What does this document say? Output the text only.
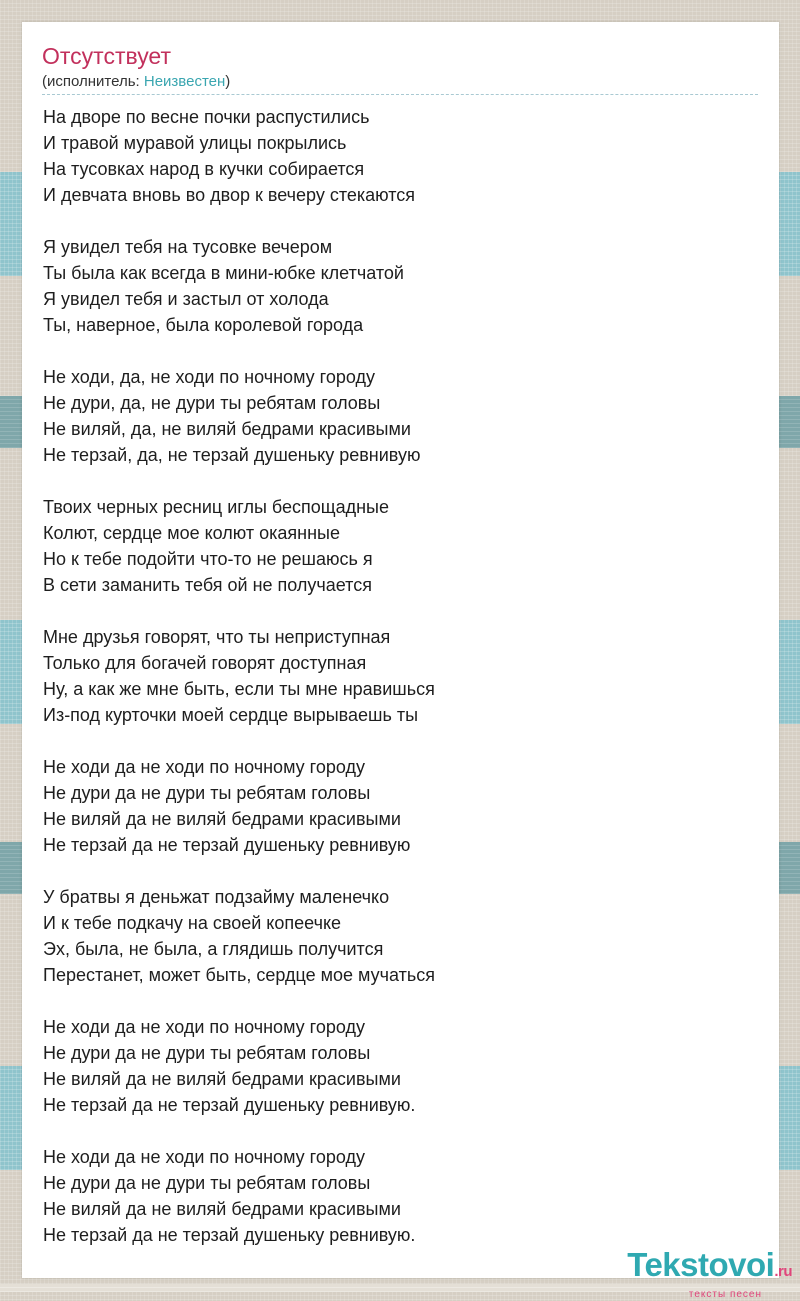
Отсутствует
(исполнитель: Неизвестен)
На дворе по весне почки распустились
И травой муравой улицы покрылись
На тусовках народ в кучки собирается
И девчата вновь во двор к вечеру стекаются
Я увидел тебя на тусовке вечером
Ты была как всегда в мини-юбке клетчатой
Я увидел тебя и застыл от холода
Ты, наверное, была королевой города
Не ходи, да, не ходи по ночному городу
Не дури, да, не дури ты ребятам головы
Не виляй, да, не виляй бедрами красивыми
Не терзай, да, не терзай душеньку ревнивую
Твоих черных ресниц иглы беспощадные
Колют, сердце мое колют окаянные
Но к тебе подойти что-то не решаюсь я
В сети заманить тебя ой не получается
Мне друзья говорят, что ты неприступная
Только для богачей говорят доступная
Ну, а как же мне быть, если ты мне нравишься
Из-под курточки моей сердце вырываешь ты
Не ходи да не ходи по ночному городу
Не дури да не дури ты ребятам головы
Не виляй да не виляй бедрами красивыми
Не терзай да не терзай душеньку ревнивую
У братвы я деньжат подзайму маленечко
И к тебе подкачу на своей копеечке
Эх, была, не была, а глядишь получится
Перестанет, может быть, сердце мое мучаться
Не ходи да не ходи по ночному городу
Не дури да не дури ты ребятам головы
Не виляй да не виляй бедрами красивыми
Не терзай да не терзай душеньку ревнивую.
Не ходи да не ходи по ночному городу
Не дури да не дури ты ребятам головы
Не виляй да не виляй бедрами красивыми
Не терзай да не терзай душеньку ревнивую.
Tekstovoi.ru
тексты песен
